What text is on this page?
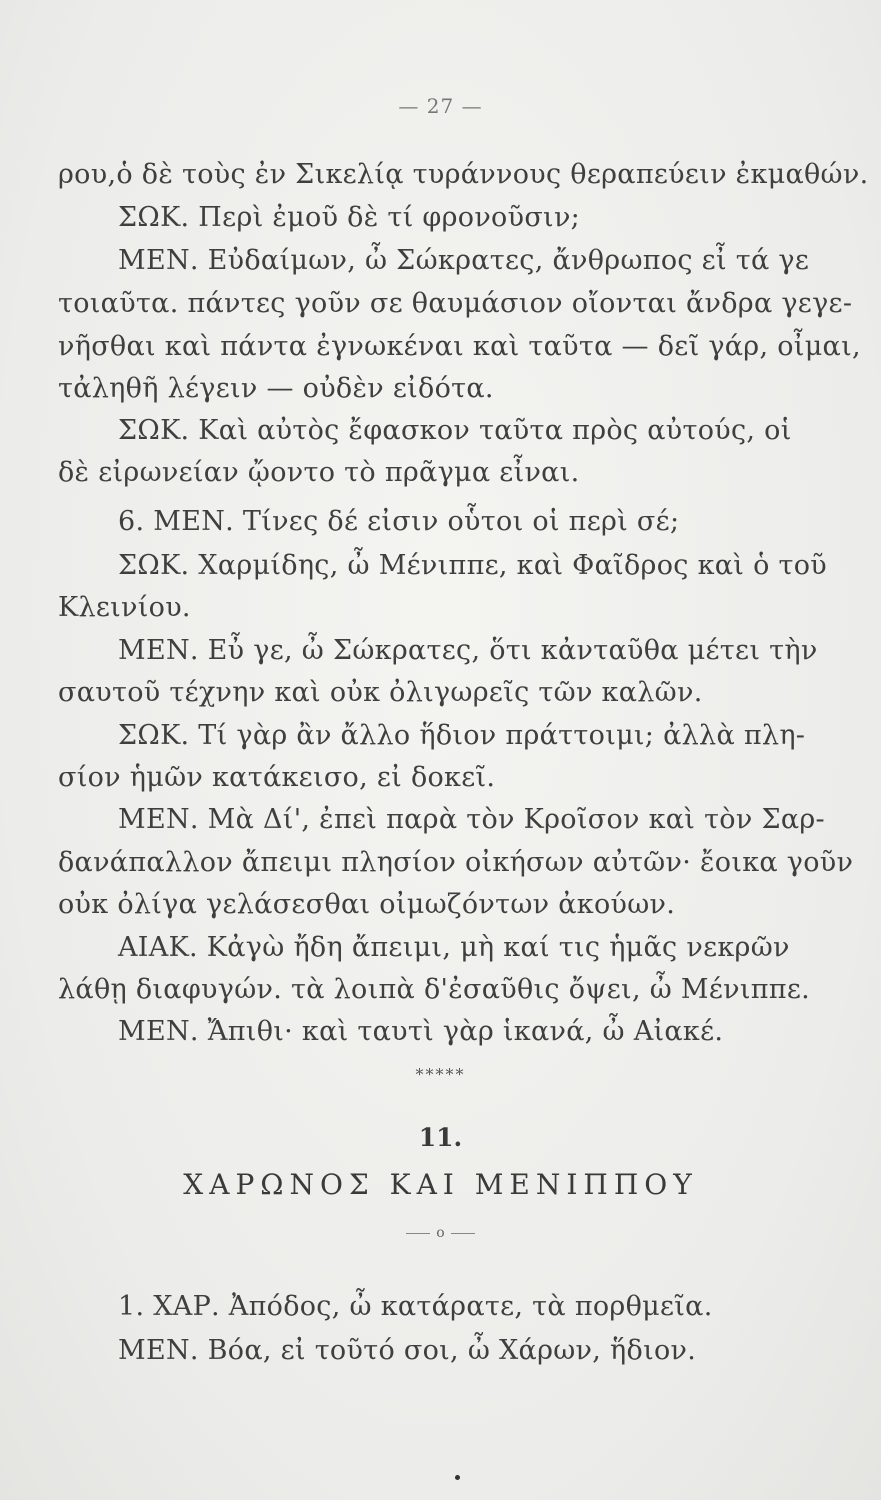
— 27 —
ρου,ὁ δὲ τοὺς ἐν Σικελίᾳ τυράννους θεραπεύειν ἐκμαθών.
ΣΩΚ. Περὶ ἐμοῦ δὲ τί φρονοῦσιν;
ΜΕΝ. Εὐδαίμων, ὦ Σώκρατες, ἄνθρωπος εἶ τά γε
τοιαῦτα. πάντες γοῦν σε θαυμάσιον οἴονται ἄνδρα γεγε-
νῆσθαι καὶ πάντα ἐγνωκέναι καὶ ταῦτα — δεῖ γάρ, οἶμαι,
τἀληθῆ λέγειν — οὐδὲν εἰδότα.
ΣΩΚ. Καὶ αὐτὸς ἔφασκον ταῦτα πρὸς αὐτούς, οἱ
δὲ εἰρωνείαν ᾤοντο τὸ πρᾶγμα εἶναι.
6. ΜΕΝ. Τίνες δέ εἰσιν οὗτοι οἱ περὶ σέ;
ΣΩΚ. Χαρμίδης, ὦ Μένιππε, καὶ Φαῖδρος καὶ ὁ τοῦ
Κλεινίου.
ΜΕΝ. Εὖ γε, ὦ Σώκρατες, ὅτι κἀνταῦθα μέτει τὴν
σαυτοῦ τέχνην καὶ οὐκ ὀλιγωρεῖς τῶν καλῶν.
ΣΩΚ. Τί γὰρ ἂν ἄλλο ἥδιον πράττοιμι; ἀλλὰ πλη-
σίον ἡμῶν κατάκεισο, εἰ δοκεῖ.
ΜΕΝ. Μὰ Δί', ἐπεὶ παρὰ τὸν Κροῖσον καὶ τὸν Σαρ-
δανάπαλλον ἄπειμι πλησίον οἰκήσων αὐτῶν· ἔοικα γοῦν
οὐκ ὀλίγα γελάσεσθαι οἰμωζόντων ἀκούων.
ΑΙΑΚ. Κἀγὼ ἤδη ἄπειμι, μὴ καί τις ἡμᾶς νεκρῶν
λάθῃ διαφυγών. τὰ λοιπὰ δ'ἐσαῦθις ὄψει, ὦ Μένιππε.
ΜΕΝ. Ἄπιθι· καὶ ταυτὶ γὰρ ἱκανά, ὦ Αἰακέ.
*****
11.
ΧΑΡΩΝΟΣ ΚΑΙ ΜΕΝΙΠΠΟΥ
o
1. ΧΑΡ. Ἀπόδος, ὦ κατάρατε, τὰ πορθμεῖα.
ΜΕΝ. Βόα, εἰ τοῦτό σοι, ὦ Χάρων, ἥδιον.
